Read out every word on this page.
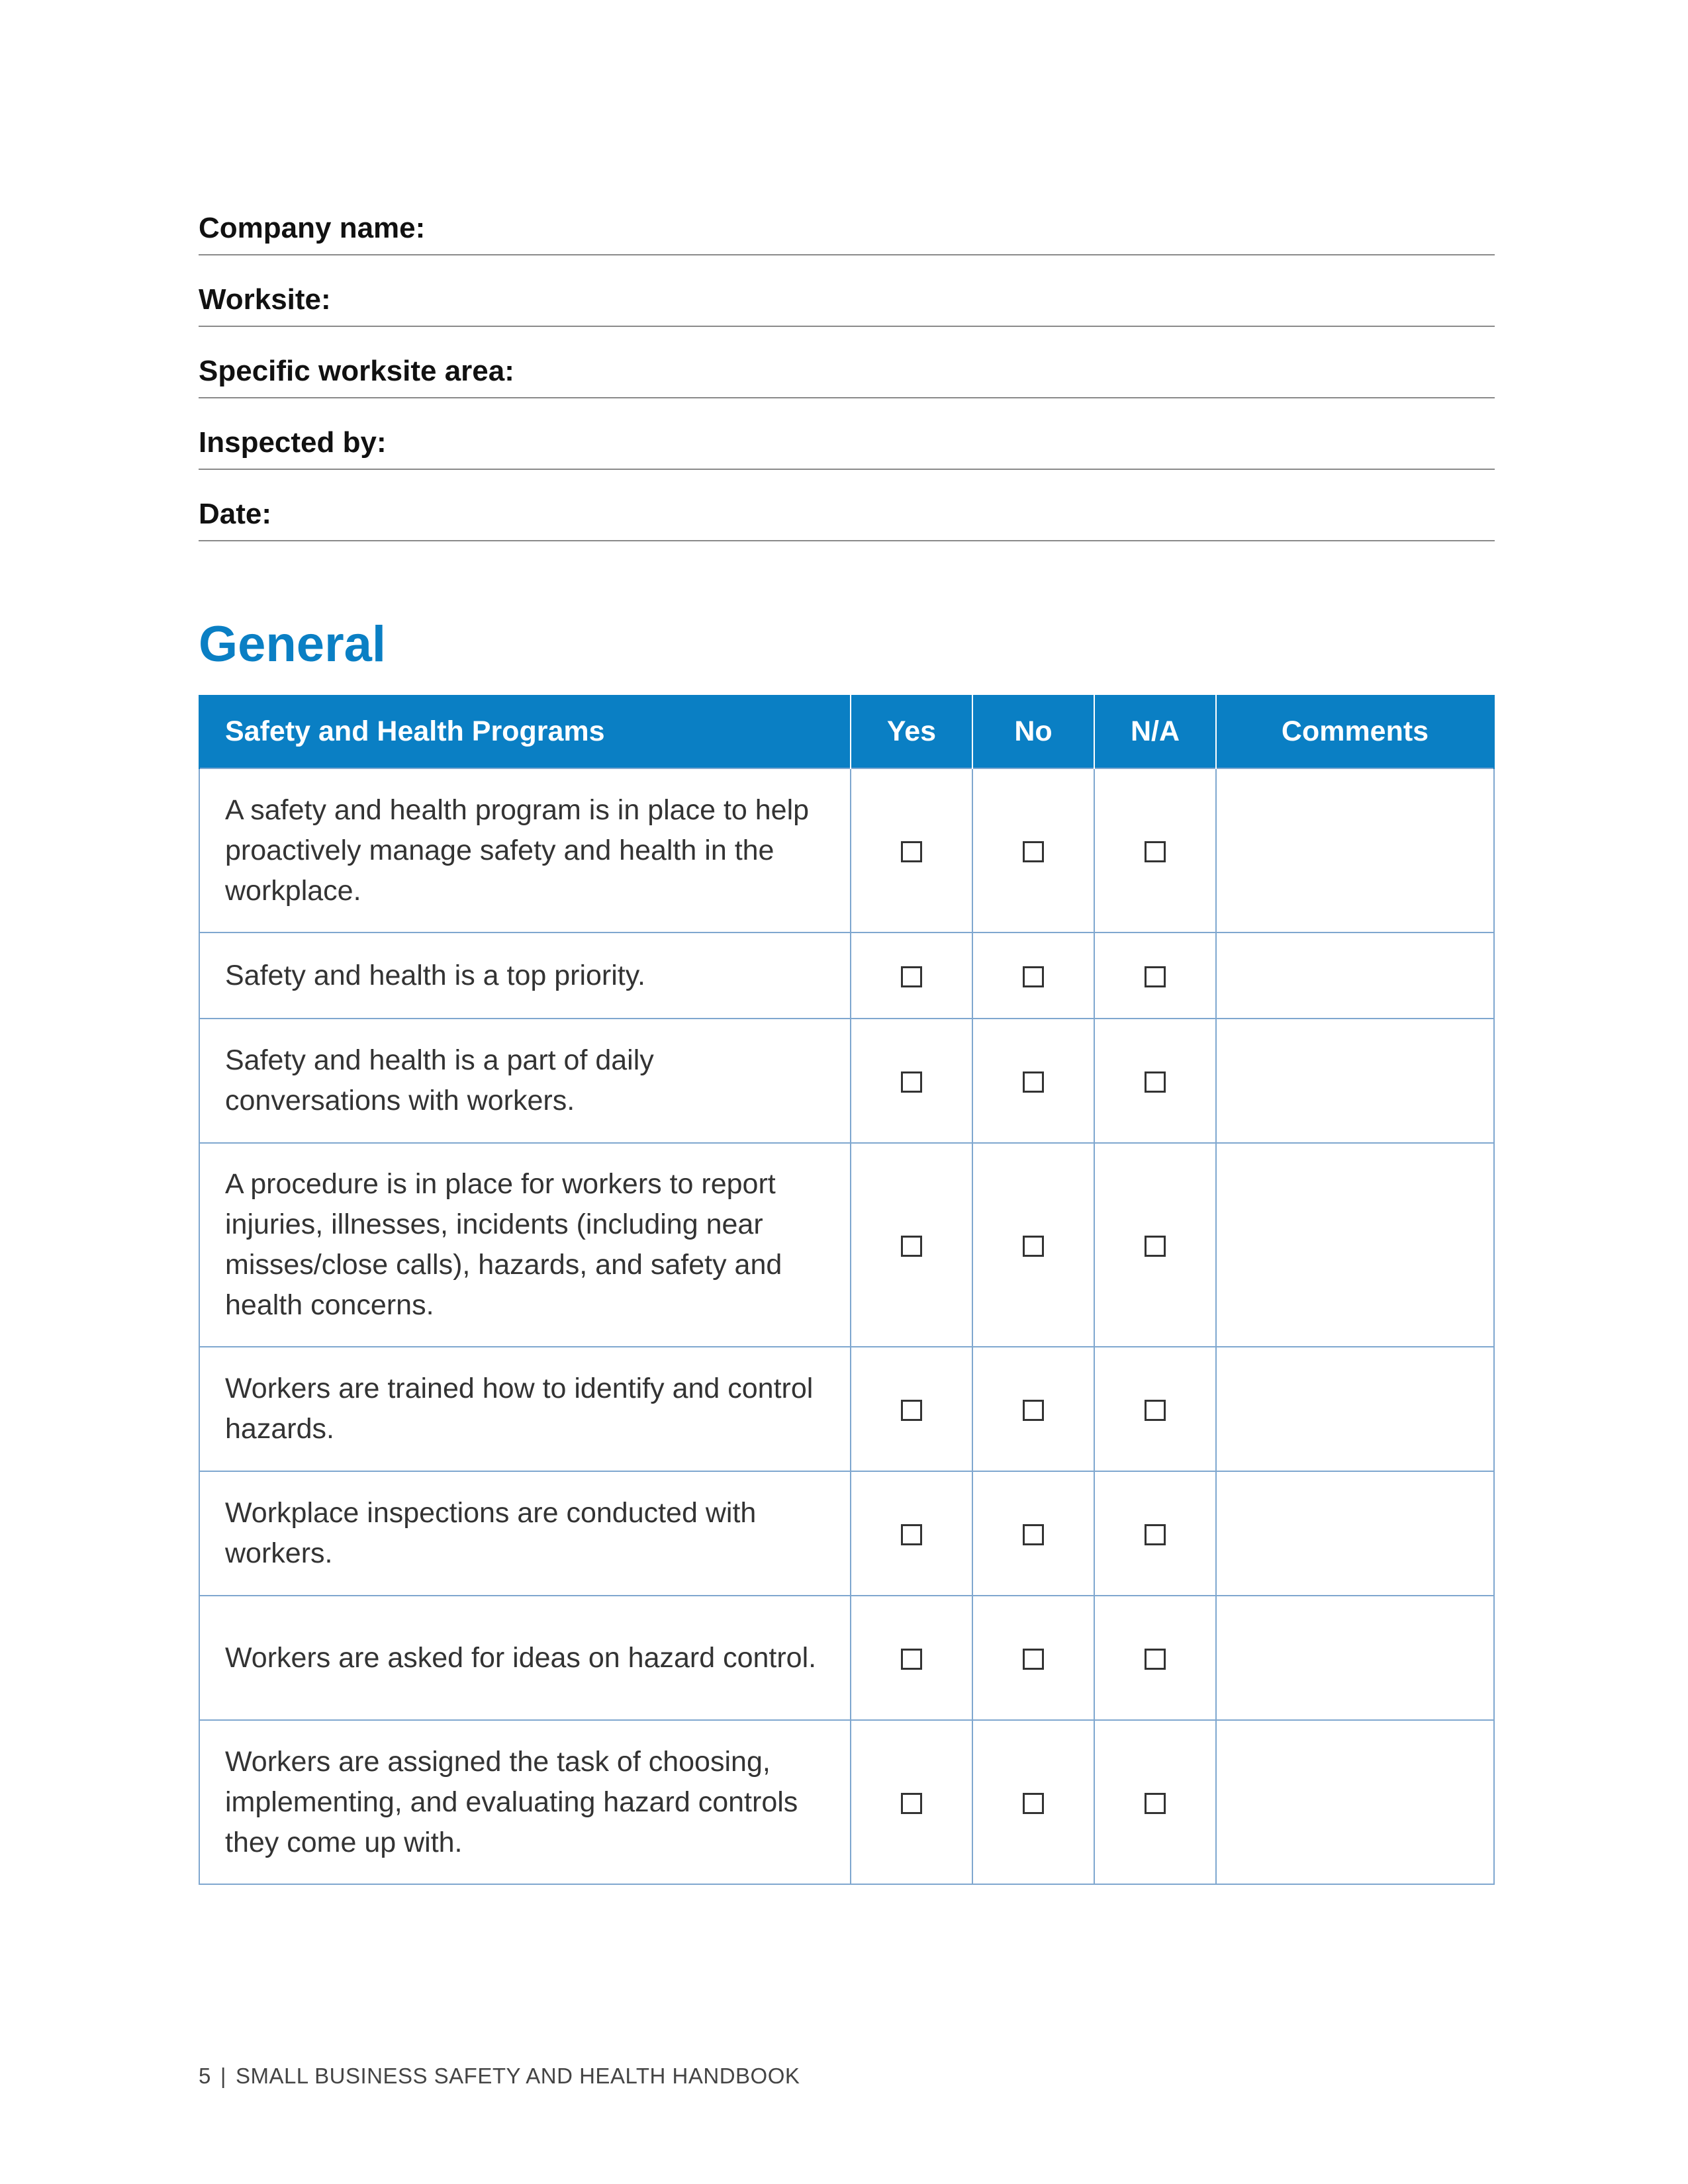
Company name:
Worksite:
Specific worksite area:
Inspected by:
Date:
General
Safety and Health Programs	Yes	No	N/A	Comments
A safety and health program is in place to help proactively manage safety and health in the workplace.				
Safety and health is a top priority.				
Safety and health is a part of daily conversations with workers.				
A procedure is in place for workers to report injuries, illnesses, incidents (including near misses/close calls), hazards, and safety and health concerns.				
Workers are trained how to identify and control hazards.				
Workplace inspections are conducted with workers.				
Workers are asked for ideas on hazard control.				
Workers are assigned the task of choosing, implementing, and evaluating hazard controls they come up with.				
5 | SMALL BUSINESS SAFETY AND HEALTH HANDBOOK
